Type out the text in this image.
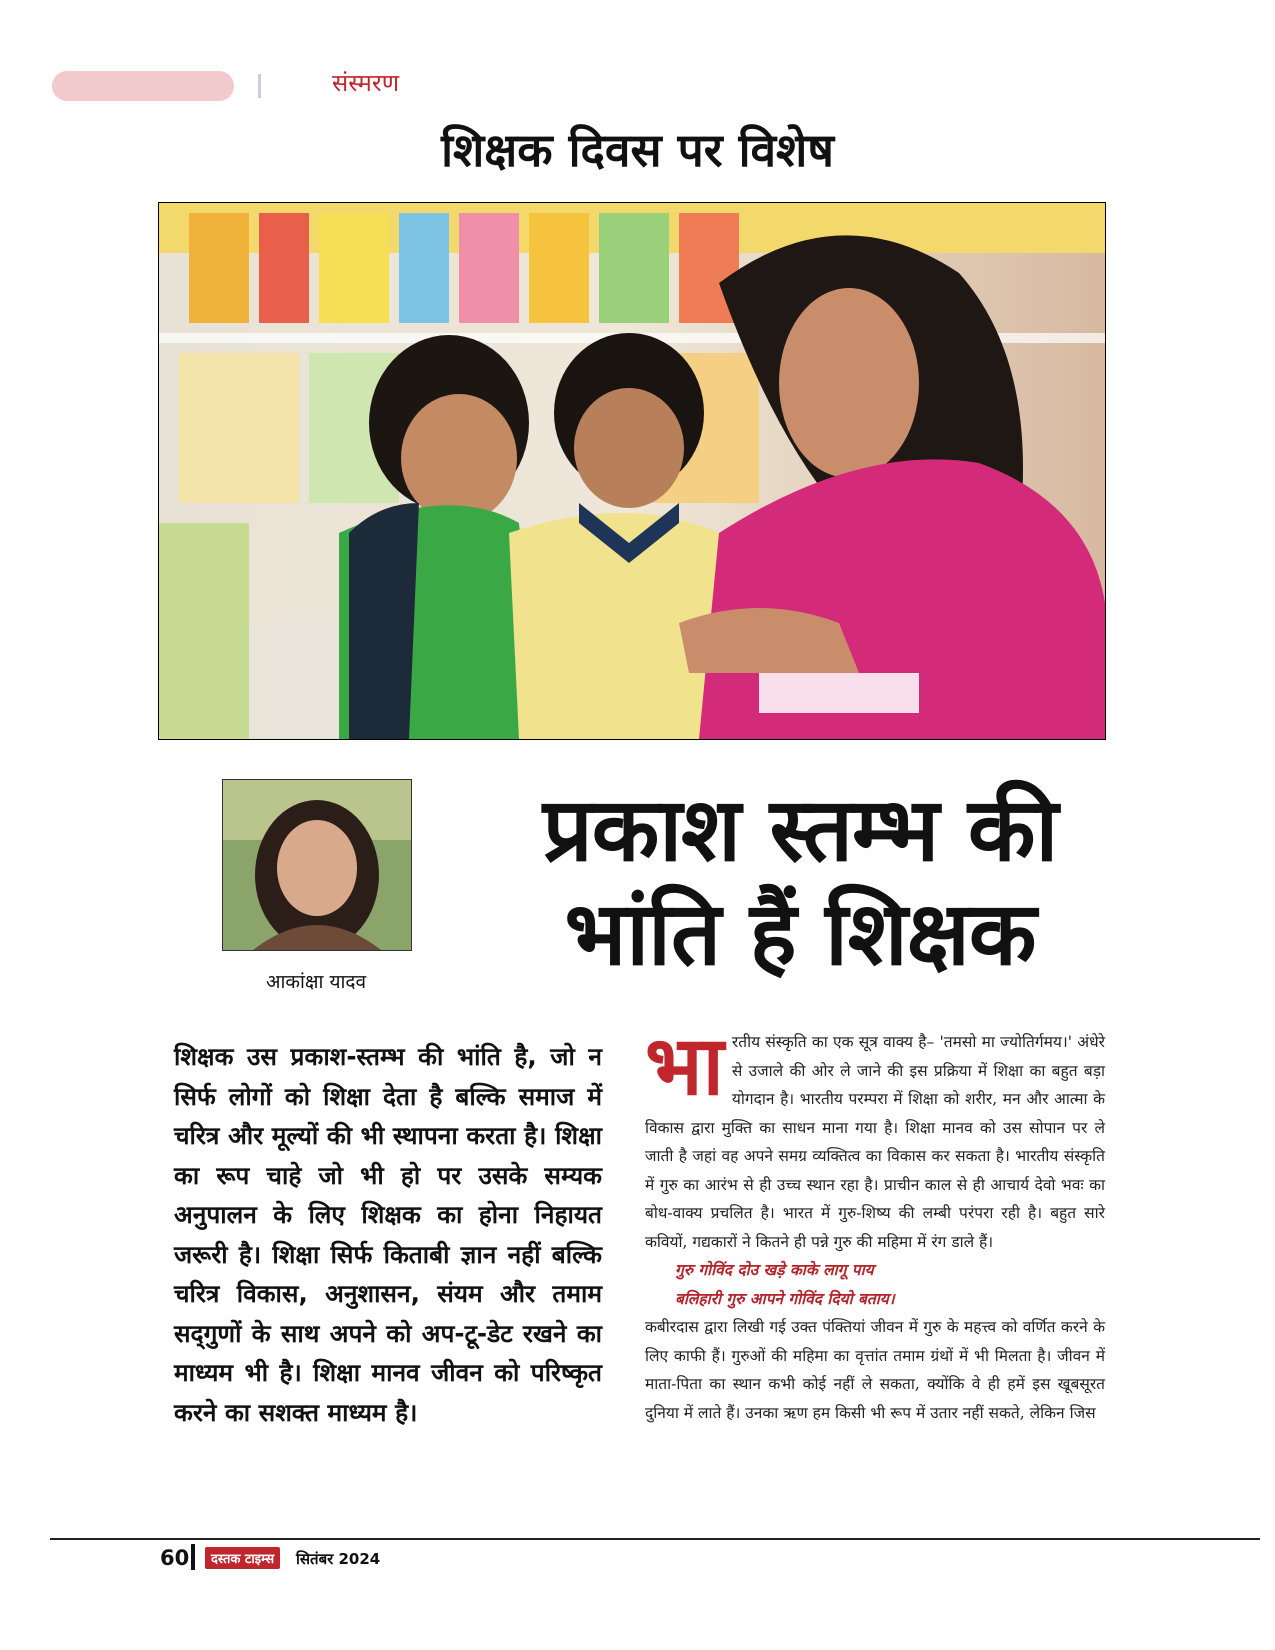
संस्मरण
शिक्षक दिवस पर विशेष
आकांक्षा यादव
प्रकाश स्तम्भ की
भांति हैं शिक्षक
शिक्षक उस प्रकाश-स्तम्भ की भांति है, जो न सिर्फ लोगों को शिक्षा देता है बल्कि समाज में चरित्र और मूल्यों की भी स्थापना करता है। शिक्षा का रूप चाहे जो भी हो पर उसके सम्यक अनुपालन के लिए शिक्षक का होना निहायत जरूरी है। शिक्षा सिर्फ किताबी ज्ञान नहीं बल्कि चरित्र विकास, अनुशासन, संयम और तमाम सद्‌गुणों के साथ अपने को अप-टू-डेट रखने का माध्यम भी है। शिक्षा मानव जीवन को परिष्कृत करने का सशक्त माध्यम है।
भा रतीय संस्कृति का एक सूत्र वाक्य है– 'तमसो मा ज्योतिर्गमय।' अंधेरे से उजाले की ओर ले जाने की इस प्रक्रिया में शिक्षा का बहुत बड़ा योगदान है। भारतीय परम्परा में शिक्षा को शरीर, मन और आत्मा के विकास द्वारा मुक्ति का साधन माना गया है। शिक्षा मानव को उस सोपान पर ले जाती है जहां वह अपने समग्र व्यक्तित्व का विकास कर सकता है। भारतीय संस्कृति में गुरु का आरंभ से ही उच्च स्थान रहा है। प्राचीन काल से ही आचार्य देवो भवः का बोध-वाक्य प्रचलित है। भारत में गुरु-शिष्य की लम्बी परंपरा रही है। बहुत सारे कवियों, गद्यकारों ने कितने ही पन्ने गुरु की महिमा में रंग डाले हैं।

गुरु गोविंद दोउ खड़े काके लागू पाय

बलिहारी गुरु आपने गोविंद दियो बताय।

कबीरदास द्वारा लिखी गई उक्त पंक्तियां जीवन में गुरु के महत्त्व को वर्णित करने के लिए काफी हैं। गुरुओं की महिमा का वृत्तांत तमाम ग्रंथों में भी मिलता है। जीवन में माता-पिता का स्थान कभी कोई नहीं ले सकता, क्योंकि वे ही हमें इस खूबसूरत दुनिया में लाते हैं। उनका ऋण हम किसी भी रूप में उतार नहीं सकते, लेकिन जिस

60	दस्तक टाइम्स	सितंबर 2024
